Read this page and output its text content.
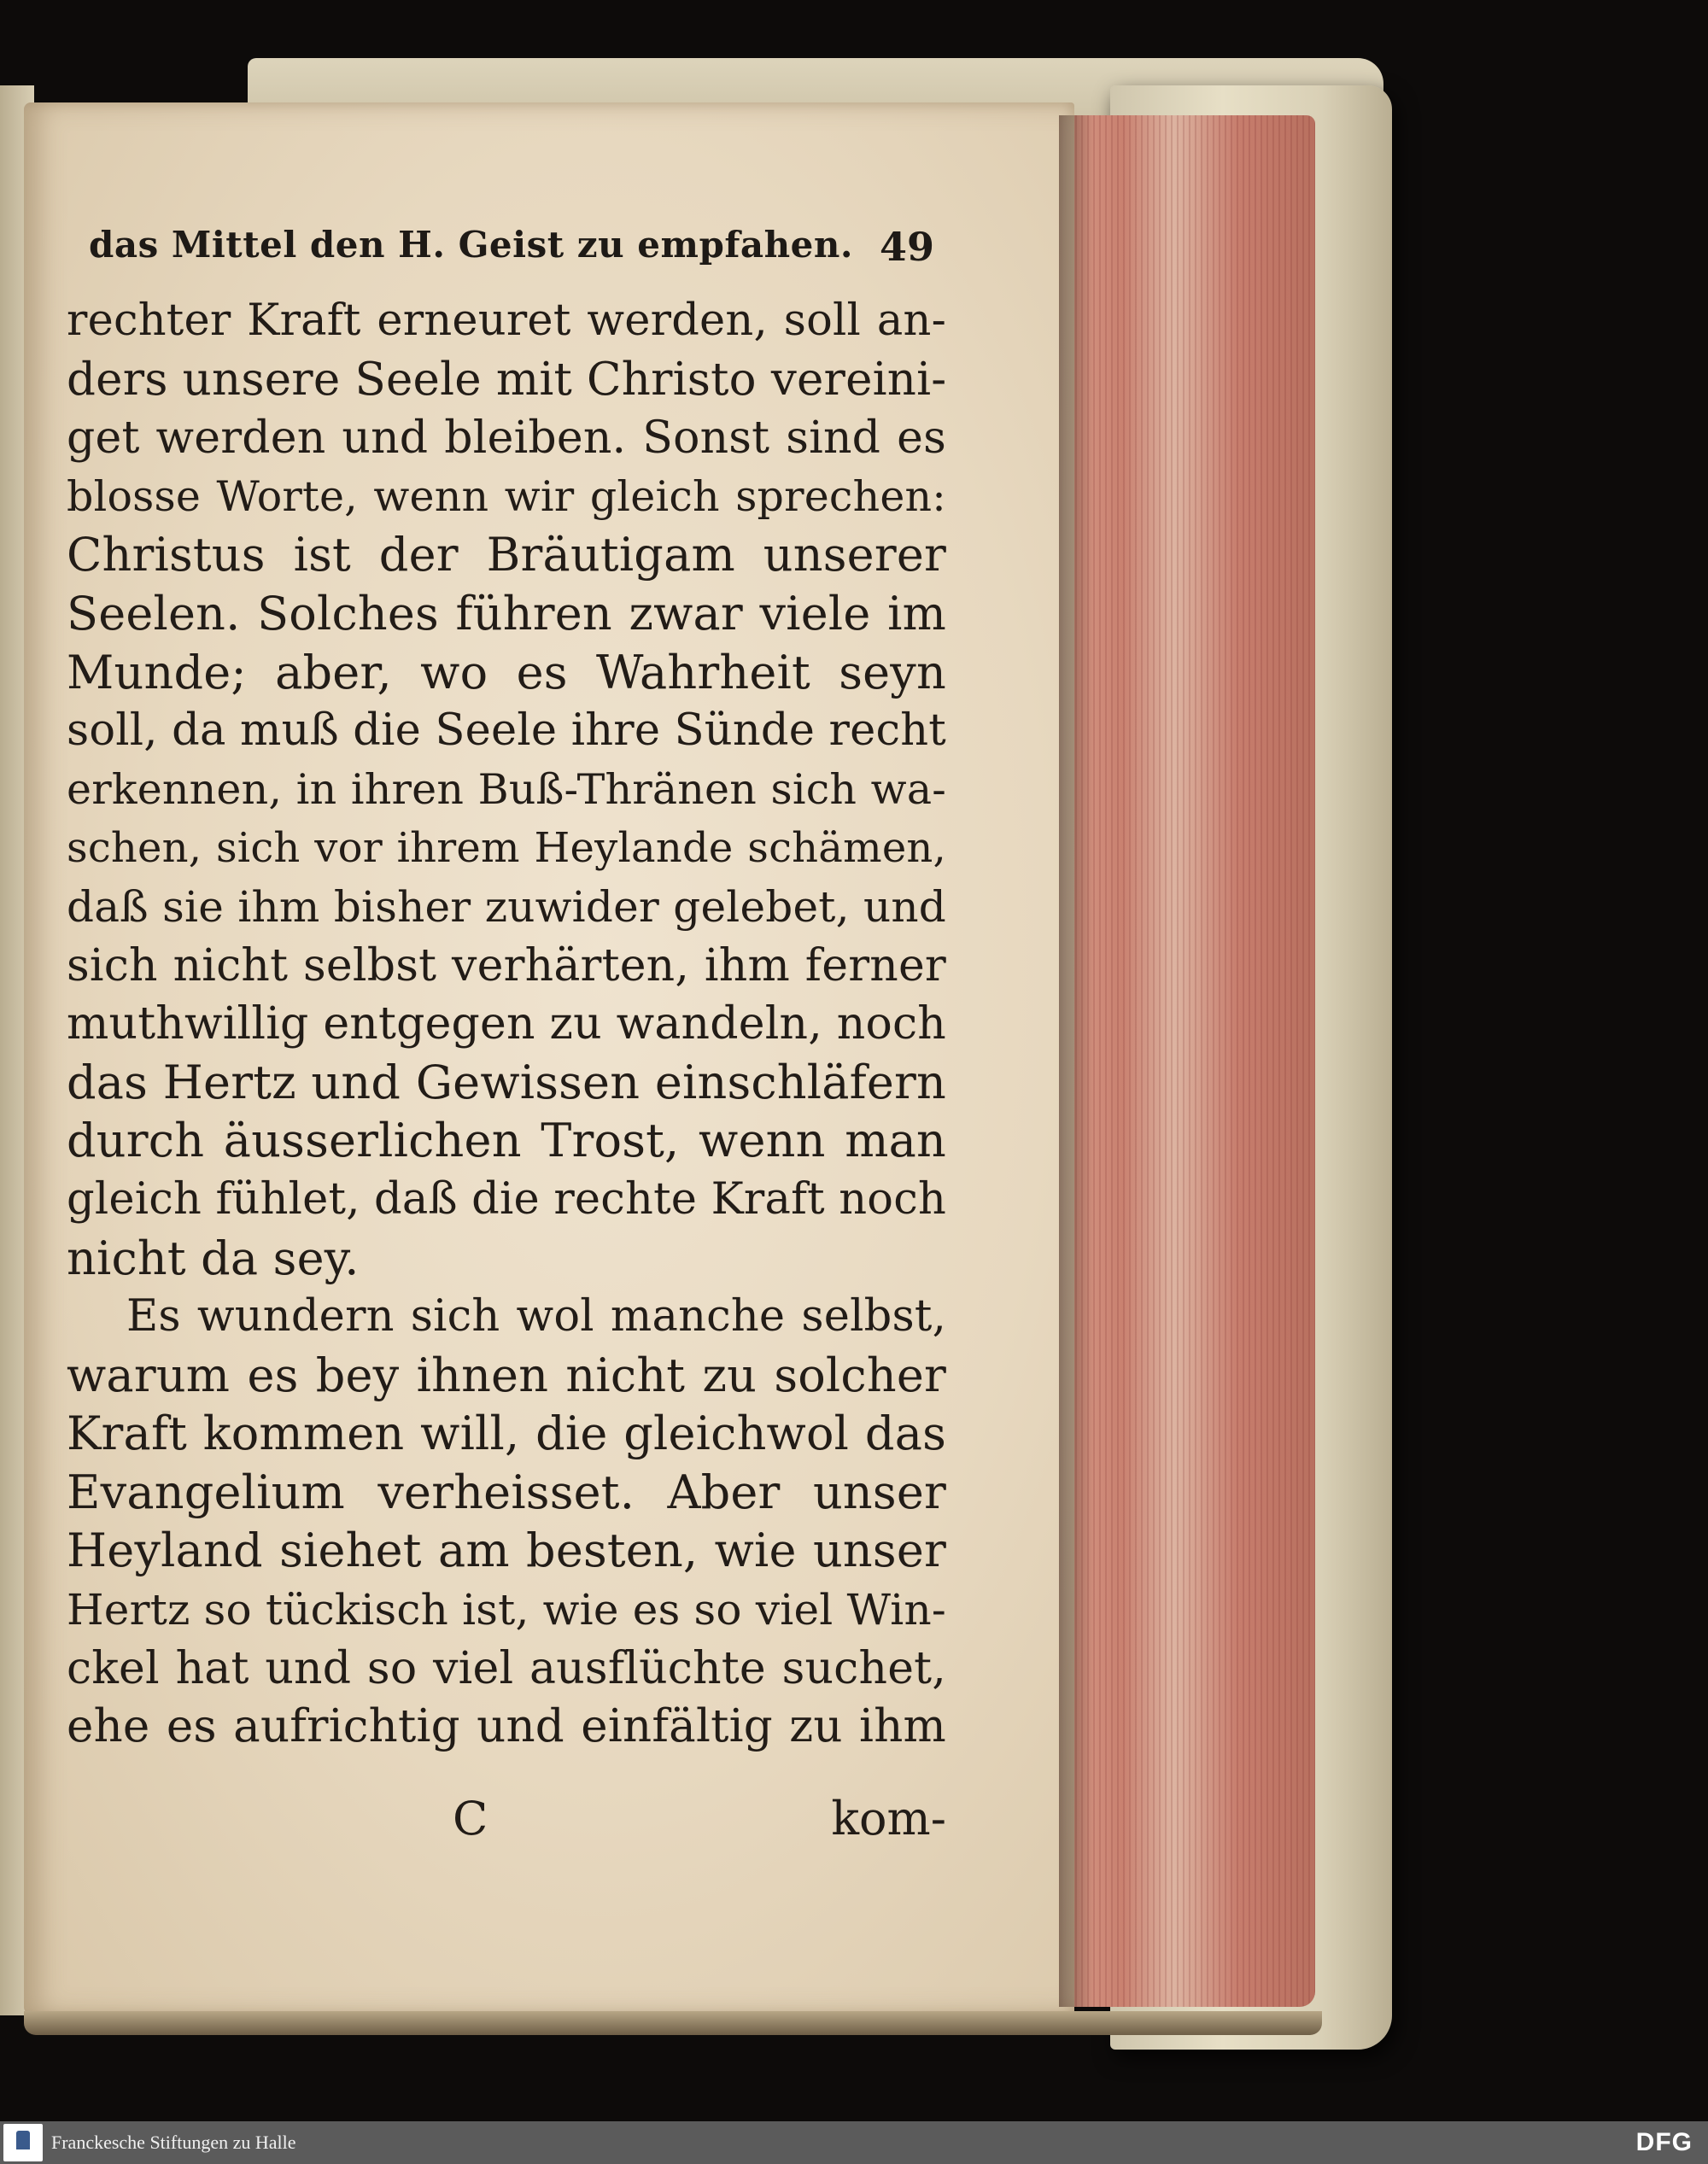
das Mittel den H. Geist zu empfahen. 49
rechter Kraft erneuret werden, soll an-
ders unsere Seele mit Christo vereini-
get werden und bleiben. Sonst sind es
blosse Worte, wenn wir gleich sprechen:
Christus ist der Bräutigam unserer
Seelen. Solches führen zwar viele im
Munde; aber, wo es Wahrheit seyn
soll, da muß die Seele ihre Sünde recht
erkennen, in ihren Buß-Thränen sich wa-
schen, sich vor ihrem Heylande schämen,
daß sie ihm bisher zuwider gelebet, und
sich nicht selbst verhärten, ihm ferner
muthwillig entgegen zu wandeln, noch
das Hertz und Gewissen einschläfern
durch äusserlichen Trost, wenn man
gleich fühlet, daß die rechte Kraft noch
nicht da sey.
Es wundern sich wol manche selbst,
warum es bey ihnen nicht zu solcher
Kraft kommen will, die gleichwol das
Evangelium verheisset. Aber unser
Heyland siehet am besten, wie unser
Hertz so tückisch ist, wie es so viel Win-
ckel hat und so viel ausflüchte suchet,
ehe es aufrichtig und einfältig zu ihm
C	kom-
Franckesche Stiftungen zu Halle	DFG
